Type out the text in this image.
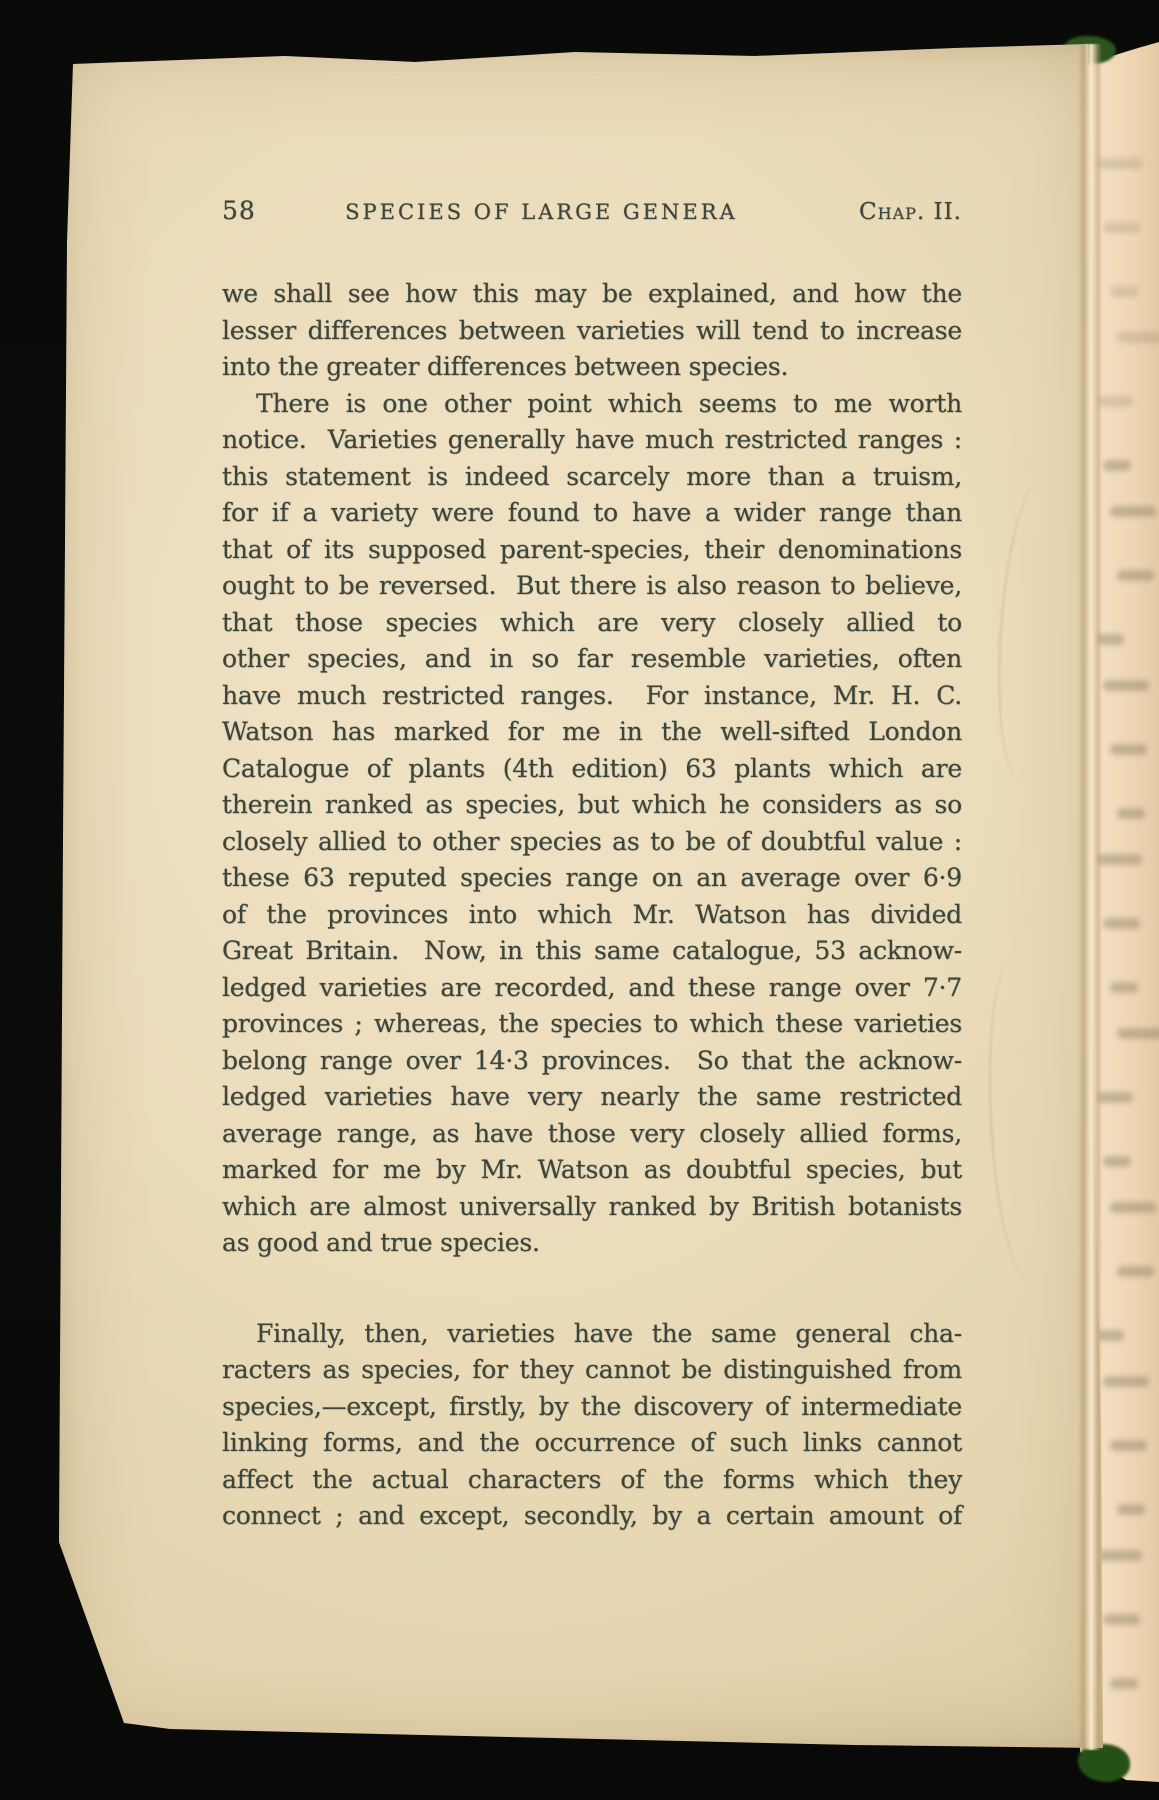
58	SPECIES OF LARGE GENERA	Chap. II.
we shall see how this may be explained, and how the
lesser differences between varieties will tend to increase
into the greater differences between species.
There is one other point which seems to me worth
notice.  Varieties generally have much restricted ranges :
this statement is indeed scarcely more than a truism,
for if a variety were found to have a wider range than
that of its supposed parent-species, their denominations
ought to be reversed.  But there is also reason to believe,
that those species which are very closely allied to
other species, and in so far resemble varieties, often
have much restricted ranges.  For instance, Mr. H. C.
Watson has marked for me in the well-sifted London
Catalogue of plants (4th edition) 63 plants which are
therein ranked as species, but which he considers as so
closely allied to other species as to be of doubtful value :
these 63 reputed species range on an average over 6·9
of the provinces into which Mr. Watson has divided
Great Britain.  Now, in this same catalogue, 53 acknow-
ledged varieties are recorded, and these range over 7·7
provinces ; whereas, the species to which these varieties
belong range over 14·3 provinces.  So that the acknow-
ledged varieties have very nearly the same restricted
average range, as have those very closely allied forms,
marked for me by Mr. Watson as doubtful species, but
which are almost universally ranked by British botanists
as good and true species.
Finally, then, varieties have the same general cha-
racters as species, for they cannot be distinguished from
species,—except, firstly, by the discovery of intermediate
linking forms, and the occurrence of such links cannot
affect the actual characters of the forms which they
connect ; and except, secondly, by a certain amount of
